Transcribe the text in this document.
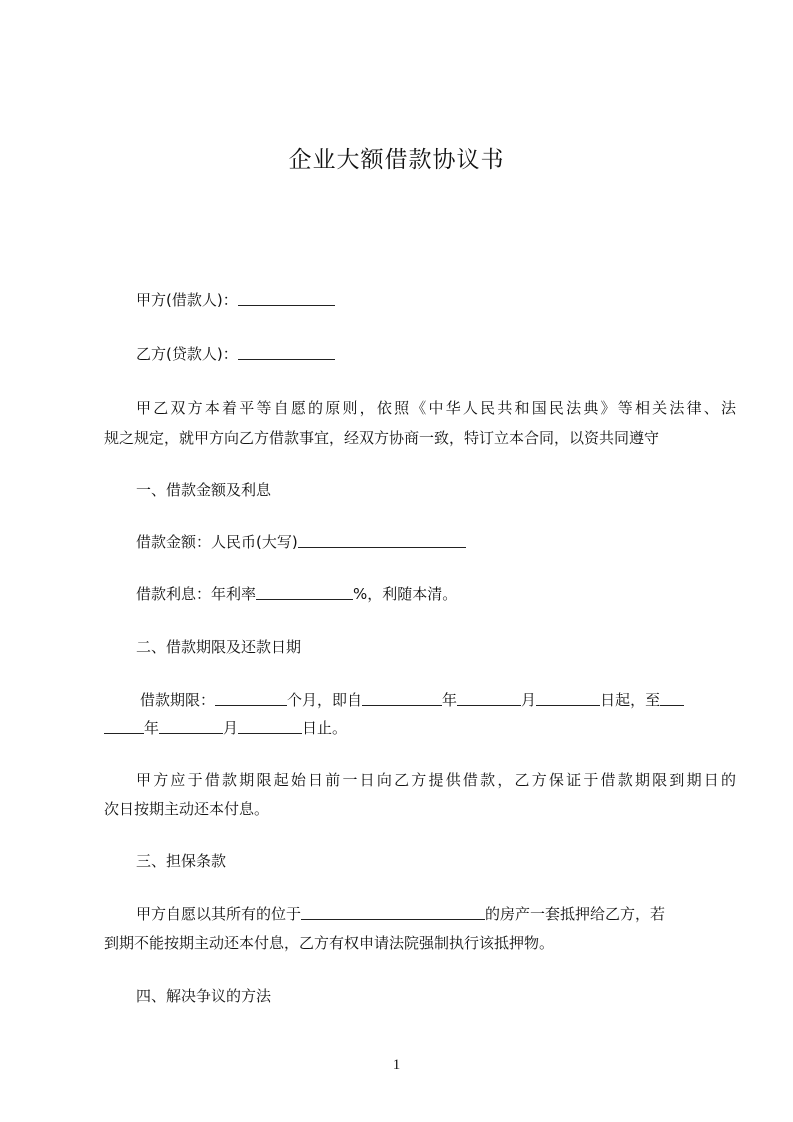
企业大额借款协议书
甲方(借款人)：
乙方(贷款人)：
甲乙双方本着平等自愿的原则，依照《中华人民共和国民法典》等相关法律、法
规之规定，就甲方向乙方借款事宜，经双方协商一致，特订立本合同，以资共同遵守
一、借款金额及利息
借款金额：人民币(大写)
借款利息：年利率	%，利随本清。
二、借款期限及还款日期
借款期限：	个月，即自	年	月	日起，至
年	月	日止。
甲方应于借款期限起始日前一日向乙方提供借款，乙方保证于借款期限到期日的
次日按期主动还本付息。
三、担保条款
甲方自愿以其所有的位于	的房产一套抵押给乙方，若
到期不能按期主动还本付息，乙方有权申请法院强制执行该抵押物。
四、解决争议的方法
1
